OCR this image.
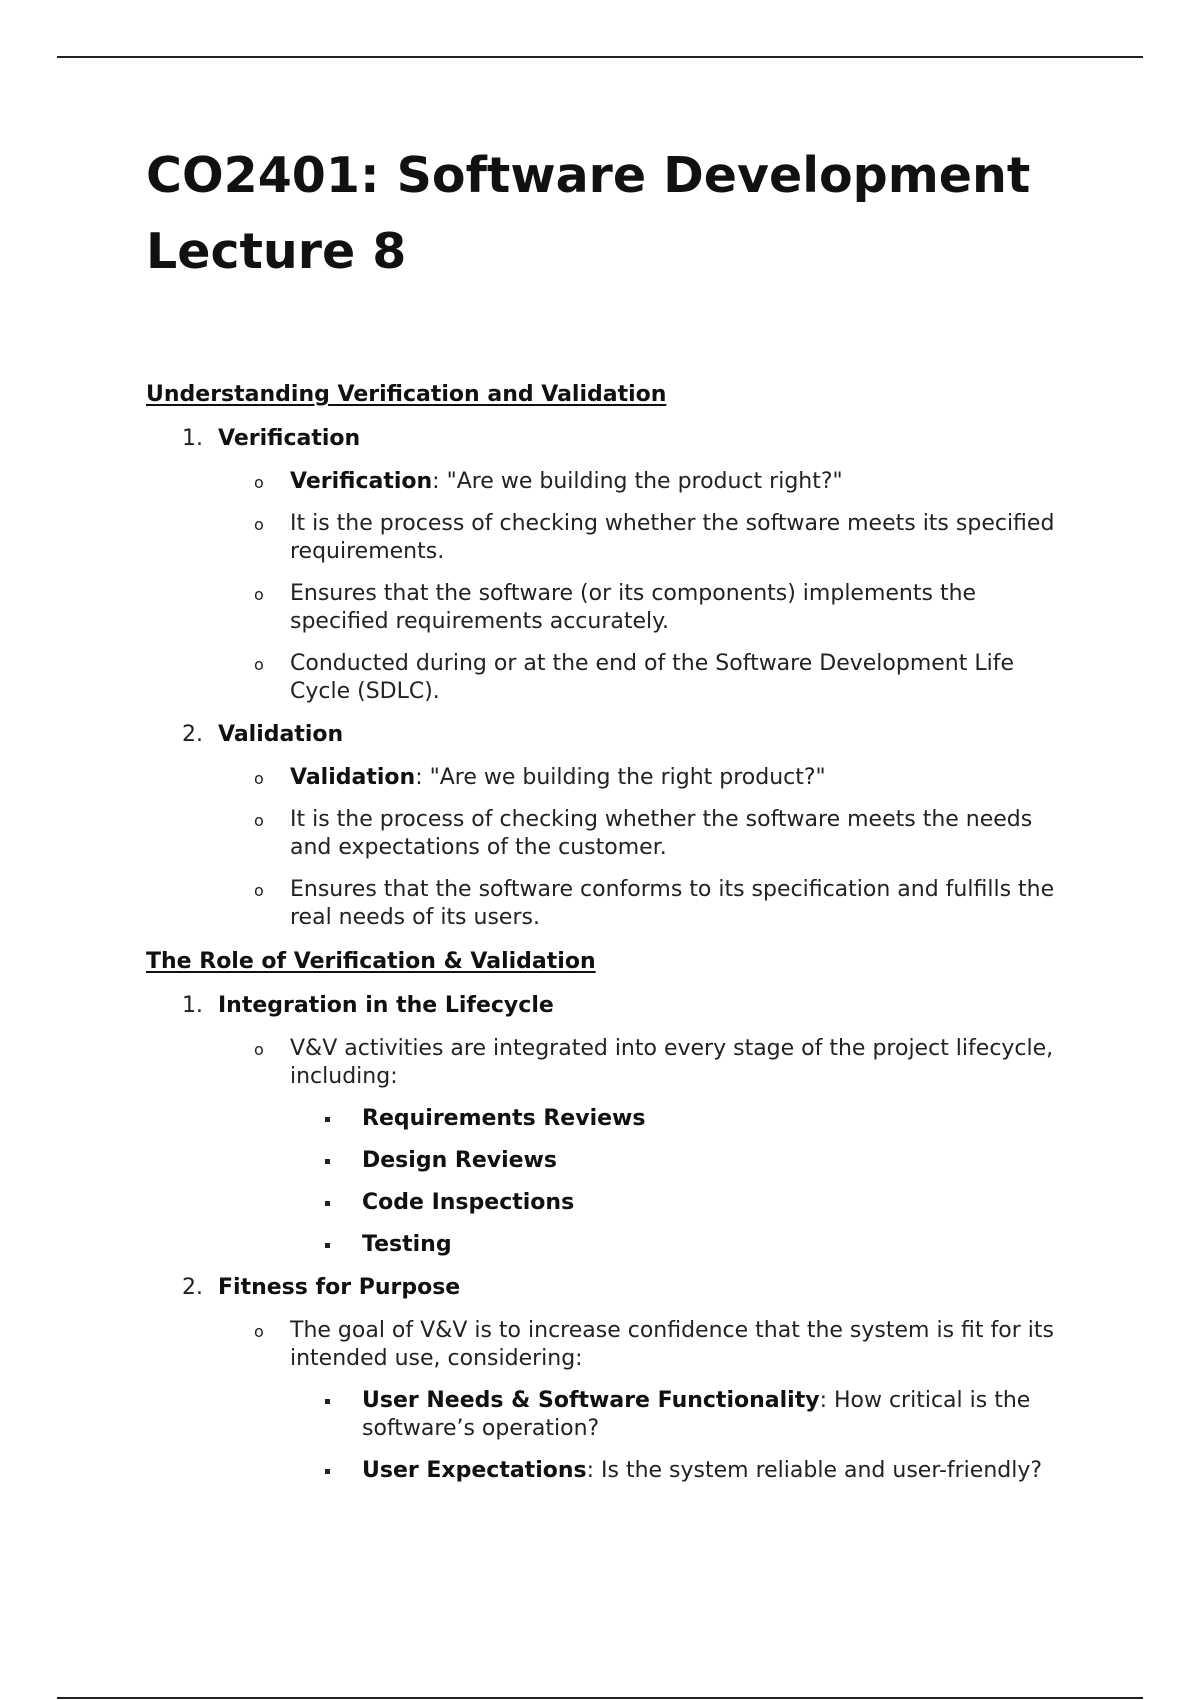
CO2401: Software Development
Lecture 8
Understanding Verification and Validation
1. Verification
o Verification: "Are we building the product right?"
o It is the process of checking whether the software meets its specified requirements.
o Ensures that the software (or its components) implements the specified requirements accurately.
o Conducted during or at the end of the Software Development Life Cycle (SDLC).
2. Validation
o Validation: "Are we building the right product?"
o It is the process of checking whether the software meets the needs and expectations of the customer.
o Ensures that the software conforms to its specification and fulfills the real needs of its users.
The Role of Verification & Validation
1. Integration in the Lifecycle
o V&V activities are integrated into every stage of the project lifecycle, including:
Requirements Reviews
Design Reviews
Code Inspections
Testing
2. Fitness for Purpose
o The goal of V&V is to increase confidence that the system is fit for its intended use, considering:
User Needs & Software Functionality: How critical is the software’s operation?
User Expectations: Is the system reliable and user-friendly?
